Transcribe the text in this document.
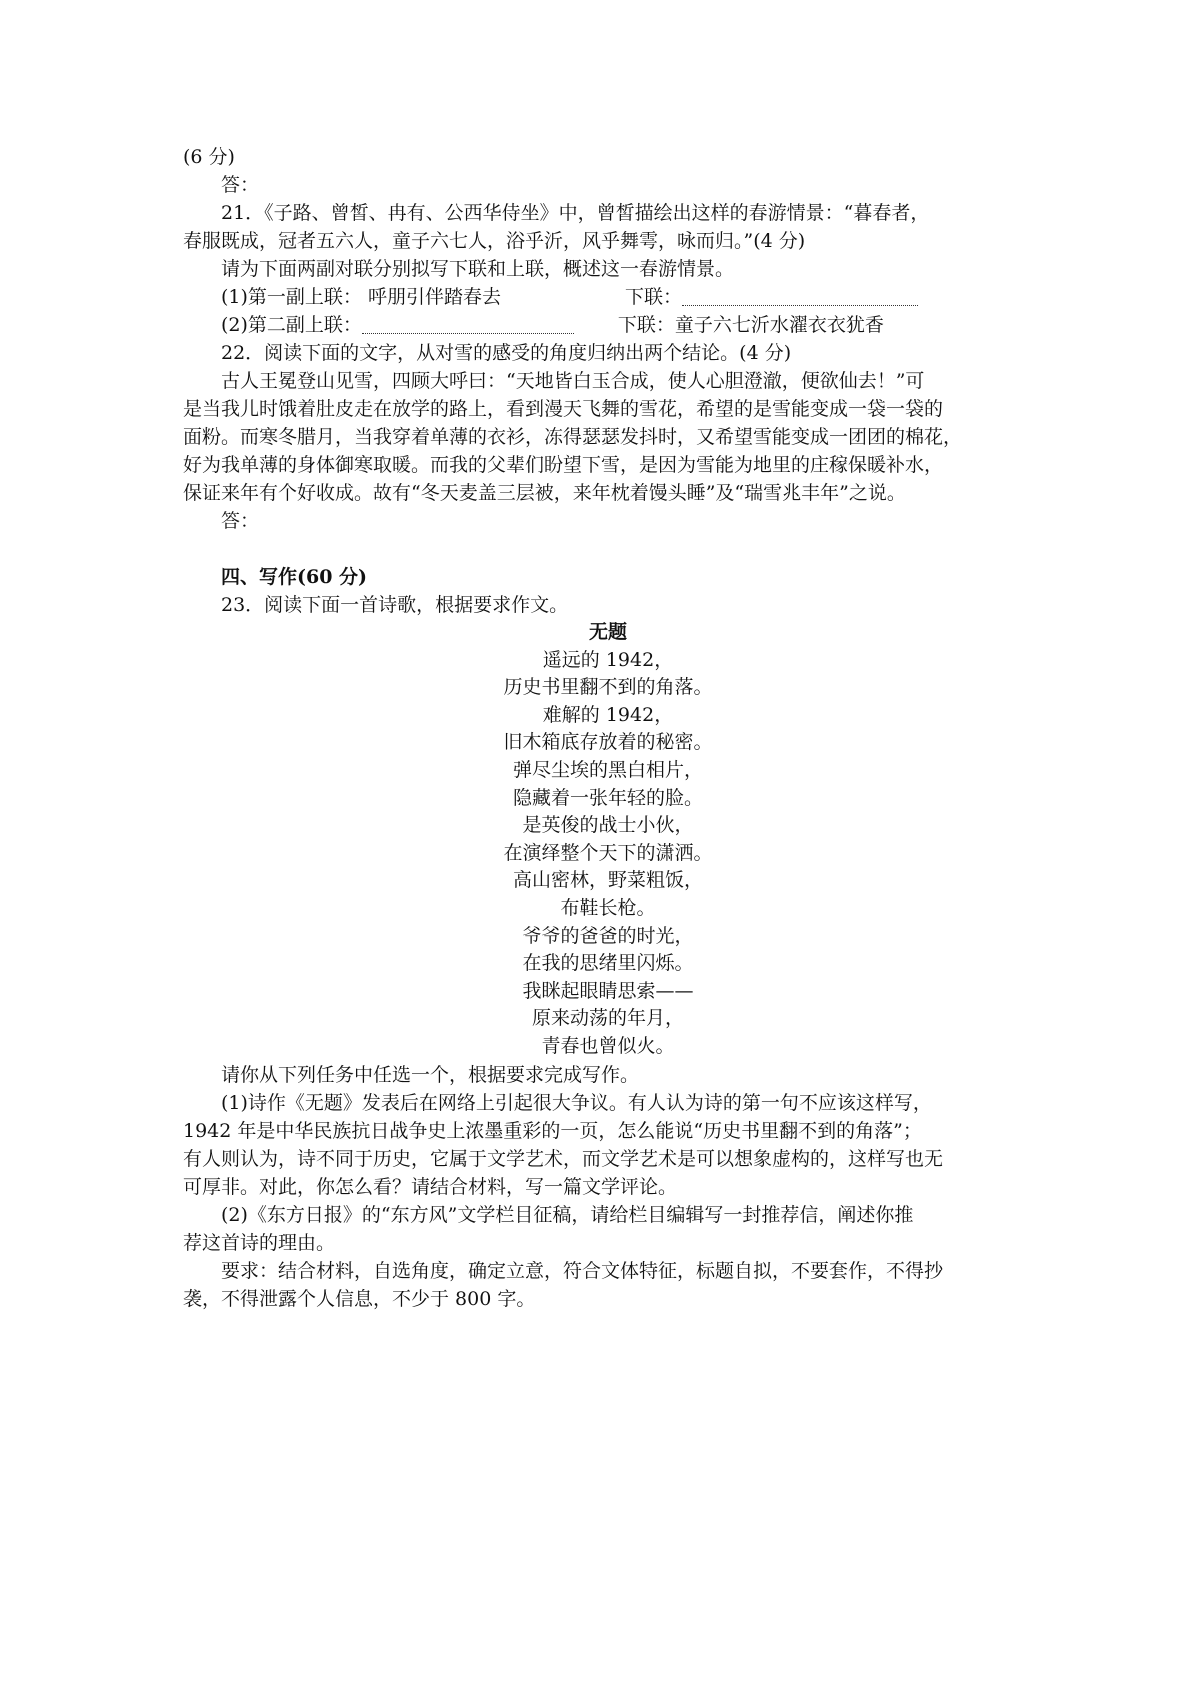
(6 分)
答：
21．《子路、曾皙、冉有、公西华侍坐》中，曾皙描绘出这样的春游情景：“暮春者，
春服既成，冠者五六人，童子六七人，浴乎沂，风乎舞雩，咏而归。”(4 分)
请为下面两副对联分别拟写下联和上联，概述这一春游情景。
(1)第一副上联： 呼朋引伴踏春去	下联：
(2)第二副上联：	下联：童子六七沂水濯衣衣犹香
22．阅读下面的文字，从对雪的感受的角度归纳出两个结论。(4 分)
古人王冕登山见雪，四顾大呼曰：“天地皆白玉合成，使人心胆澄澈，便欲仙去！”可
是当我儿时饿着肚皮走在放学的路上，看到漫天飞舞的雪花，希望的是雪能变成一袋一袋的
面粉。而寒冬腊月，当我穿着单薄的衣衫，冻得瑟瑟发抖时，又希望雪能变成一团团的棉花，
好为我单薄的身体御寒取暖。而我的父辈们盼望下雪，是因为雪能为地里的庄稼保暖补水，
保证来年有个好收成。故有“冬天麦盖三层被，来年枕着馒头睡”及“瑞雪兆丰年”之说。
答：
四、写作(60 分)
23．阅读下面一首诗歌，根据要求作文。
无题
遥远的 1942，
历史书里翻不到的角落。
难解的 1942，
旧木箱底存放着的秘密。
弹尽尘埃的黑白相片，
隐藏着一张年轻的脸。
是英俊的战士小伙，
在演绎整个天下的潇洒。
高山密林，野菜粗饭，
布鞋长枪。
爷爷的爸爸的时光，
在我的思绪里闪烁。
我眯起眼睛思索——
原来动荡的年月，
青春也曾似火。
请你从下列任务中任选一个，根据要求完成写作。
(1)诗作《无题》发表后在网络上引起很大争议。有人认为诗的第一句不应该这样写，
1942 年是中华民族抗日战争史上浓墨重彩的一页，怎么能说“历史书里翻不到的角落”；
有人则认为，诗不同于历史，它属于文学艺术，而文学艺术是可以想象虚构的，这样写也无
可厚非。对此，你怎么看？请结合材料，写一篇文学评论。
(2)《东方日报》的“东方风”文学栏目征稿，请给栏目编辑写一封推荐信，阐述你推
荐这首诗的理由。
要求：结合材料，自选角度，确定立意，符合文体特征，标题自拟，不要套作，不得抄
袭，不得泄露个人信息，不少于 800 字。
